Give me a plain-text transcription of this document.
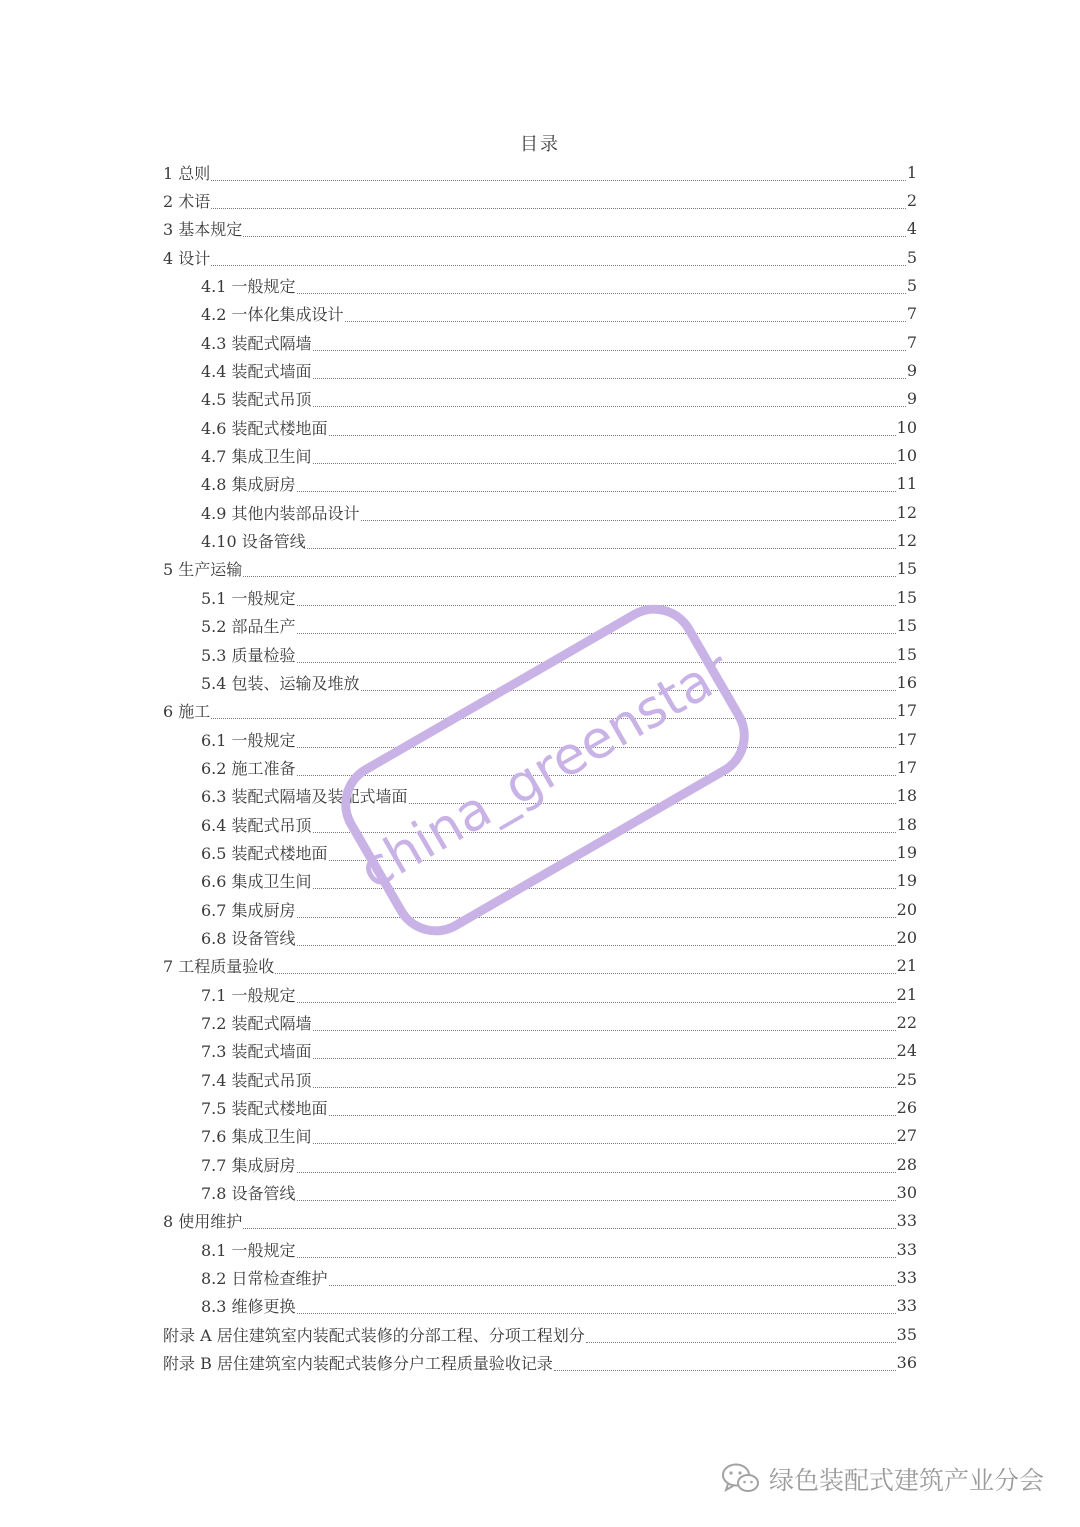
目录
1 总则	1
2 术语	2
3 基本规定	4
4 设计	5
4.1 一般规定	5
4.2 一体化集成设计	7
4.3 装配式隔墙	7
4.4 装配式墙面	9
4.5 装配式吊顶	9
4.6 装配式楼地面	10
4.7 集成卫生间	10
4.8 集成厨房	11
4.9 其他内装部品设计	12
4.10 设备管线	12
5 生产运输	15
5.1 一般规定	15
5.2 部品生产	15
5.3 质量检验	15
5.4 包装、运输及堆放	16
6 施工	17
6.1 一般规定	17
6.2 施工准备	17
6.3 装配式隔墙及装配式墙面	18
6.4 装配式吊顶	18
6.5 装配式楼地面	19
6.6 集成卫生间	19
6.7 集成厨房	20
6.8 设备管线	20
7 工程质量验收	21
7.1 一般规定	21
7.2 装配式隔墙	22
7.3 装配式墙面	24
7.4 装配式吊顶	25
7.5 装配式楼地面	26
7.6 集成卫生间	27
7.7 集成厨房	28
7.8 设备管线	30
8 使用维护	33
8.1 一般规定	33
8.2 日常检查维护	33
8.3 维修更换	33
附录 A 居住建筑室内装配式装修的分部工程、分项工程划分	35
附录 B 居住建筑室内装配式装修分户工程质量验收记录	36
china_greenstar
绿色装配式建筑产业分会
